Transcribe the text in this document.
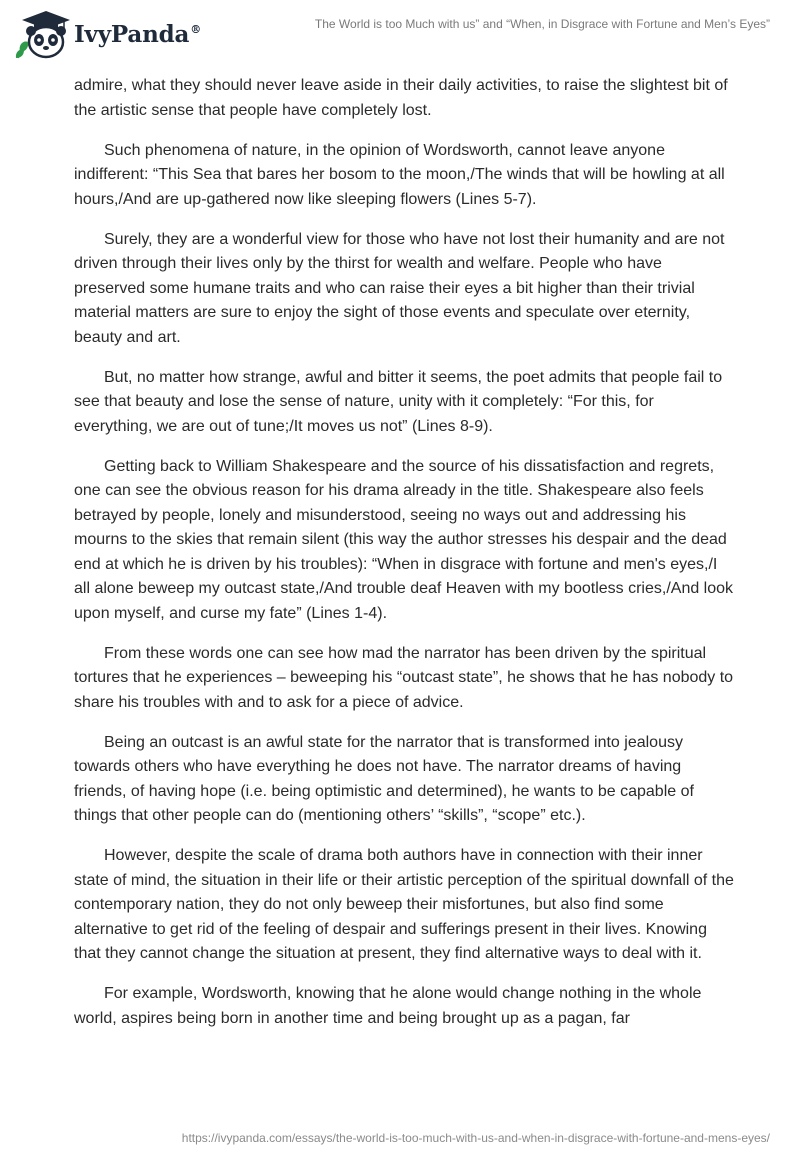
IvyPanda®	The World is too Much with us” and “When, in Disgrace with Fortune and Men’s Eyes”

admire, what they should never leave aside in their daily activities, to raise the slightest bit of the artistic sense that people have completely lost.

Such phenomena of nature, in the opinion of Wordsworth, cannot leave anyone indifferent: “This Sea that bares her bosom to the moon,/The winds that will be howling at all hours,/And are up-gathered now like sleeping flowers (Lines 5-7).

Surely, they are a wonderful view for those who have not lost their humanity and are not driven through their lives only by the thirst for wealth and welfare. People who have preserved some humane traits and who can raise their eyes a bit higher than their trivial material matters are sure to enjoy the sight of those events and speculate over eternity, beauty and art.

But, no matter how strange, awful and bitter it seems, the poet admits that people fail to see that beauty and lose the sense of nature, unity with it completely: “For this, for everything, we are out of tune;/It moves us not” (Lines 8-9).

Getting back to William Shakespeare and the source of his dissatisfaction and regrets, one can see the obvious reason for his drama already in the title. Shakespeare also feels betrayed by people, lonely and misunderstood, seeing no ways out and addressing his mourns to the skies that remain silent (this way the author stresses his despair and the dead end at which he is driven by his troubles): “When in disgrace with fortune and men's eyes,/I all alone beweep my outcast state,/And trouble deaf Heaven with my bootless cries,/And look upon myself, and curse my fate” (Lines 1-4).

From these words one can see how mad the narrator has been driven by the spiritual tortures that he experiences – beweeping his “outcast state”, he shows that he has nobody to share his troubles with and to ask for a piece of advice.

Being an outcast is an awful state for the narrator that is transformed into jealousy towards others who have everything he does not have. The narrator dreams of having friends, of having hope (i.e. being optimistic and determined), he wants to be capable of things that other people can do (mentioning others’ “skills”, “scope” etc.).

However, despite the scale of drama both authors have in connection with their inner state of mind, the situation in their life or their artistic perception of the spiritual downfall of the contemporary nation, they do not only beweep their misfortunes, but also find some alternative to get rid of the feeling of despair and sufferings present in their lives. Knowing that they cannot change the situation at present, they find alternative ways to deal with it.

For example, Wordsworth, knowing that he alone would change nothing in the whole world, aspires being born in another time and being brought up as a pagan, far

https://ivypanda.com/essays/the-world-is-too-much-with-us-and-when-in-disgrace-with-fortune-and-mens-eyes/
